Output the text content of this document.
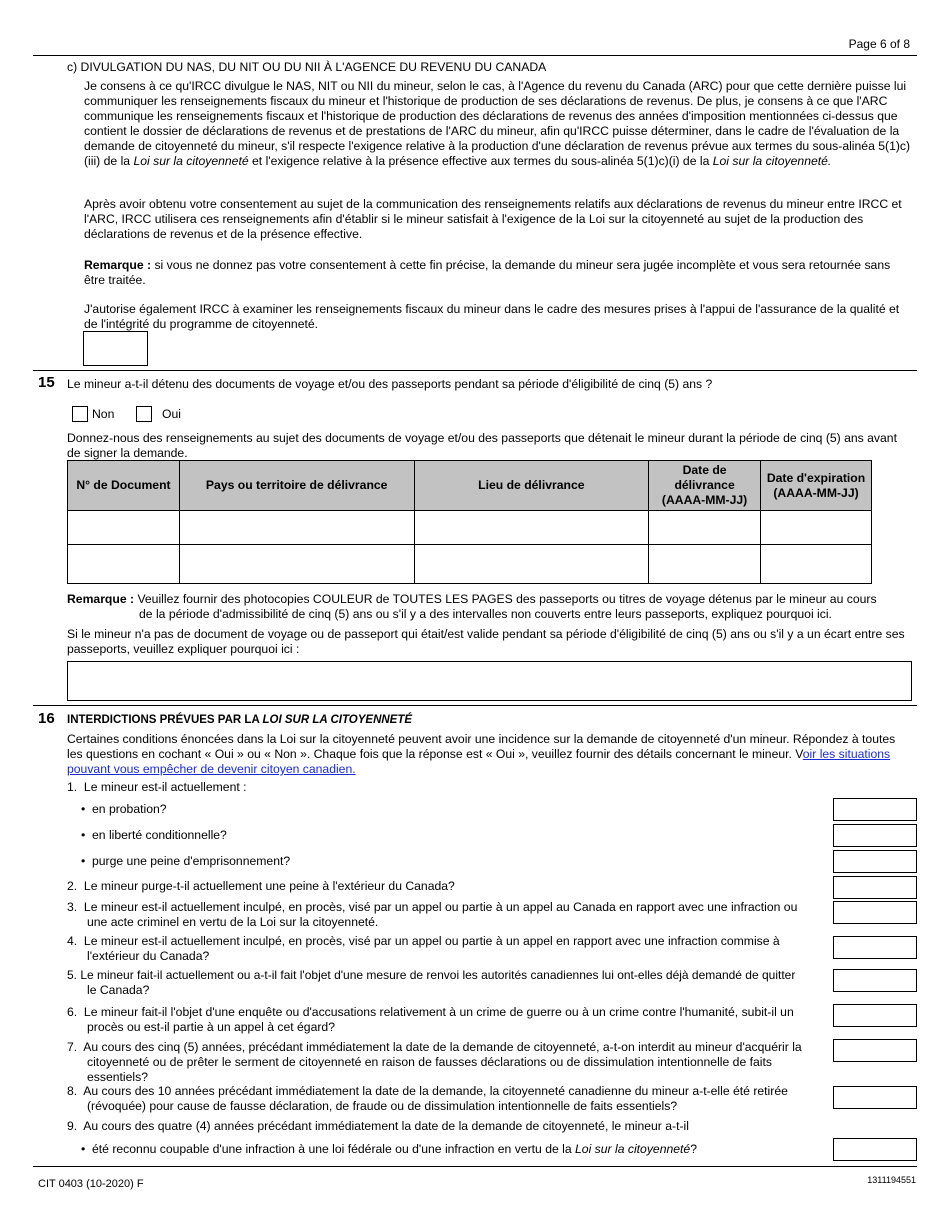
Page 6 of 8
c) DIVULGATION DU NAS, DU NIT OU DU NII À L'AGENCE DU REVENU DU CANADA

Je consens à ce qu'IRCC divulgue le NAS, NIT ou NII du mineur, selon le cas, à l'Agence du revenu du Canada (ARC) pour que cette dernière puisse lui communiquer les renseignements fiscaux du mineur et l'historique de production de ses déclarations de revenus. De plus, je consens à ce que l'ARC communique les renseignements fiscaux et l'historique de production des déclarations de revenus des années d'imposition mentionnées ci-dessus que contient le dossier de déclarations de revenus et de prestations de l'ARC du mineur, afin qu'IRCC puisse déterminer, dans le cadre de l'évaluation de la demande de citoyenneté du mineur, s'il respecte l'exigence relative à la production d'une déclaration de revenus prévue aux termes du sous-alinéa 5(1)c)(iii) de la Loi sur la citoyenneté et l'exigence relative à la présence effective aux termes du sous-alinéa 5(1)c)(i) de la Loi sur la citoyenneté.

Après avoir obtenu votre consentement au sujet de la communication des renseignements relatifs aux déclarations de revenus du mineur entre IRCC et l'ARC, IRCC utilisera ces renseignements afin d'établir si le mineur satisfait à l'exigence de la Loi sur la citoyenneté au sujet de la production des déclarations de revenus et de la présence effective.

Remarque : si vous ne donnez pas votre consentement à cette fin précise, la demande du mineur sera jugée incomplète et vous sera retournée sans être traitée.

J'autorise également IRCC à examiner les renseignements fiscaux du mineur dans le cadre des mesures prises à l'appui de l'assurance de la qualité et de l'intégrité du programme de citoyenneté.

15 Le mineur a-t-il détenu des documents de voyage et/ou des passeports pendant sa période d'éligibilité de cinq (5) ans ?
Non	Oui

Donnez-nous des renseignements au sujet des documents de voyage et/ou des passeports que détenait le mineur durant la période de cinq (5) ans avant de signer la demande.

N° de Document	Pays ou territoire de délivrance	Lieu de délivrance	Date de délivrance (AAAA-MM-JJ)	Date d'expiration (AAAA-MM-JJ)

Remarque : Veuillez fournir des photocopies COULEUR de TOUTES LES PAGES des passeports ou titres de voyage détenus par le mineur au cours
de la période d'admissibilité de cinq (5) ans ou s'il y a des intervalles non couverts entre leurs passeports, expliquez pourquoi ici.

Si le mineur n'a pas de document de voyage ou de passeport qui était/est valide pendant sa période d'éligibilité de cinq (5) ans ou s'il y a un écart entre ses passeports, veuillez expliquer pourquoi ici :

16 INTERDICTIONS PRÉVUES PAR LA LOI SUR LA CITOYENNETÉ

Certaines conditions énoncées dans la Loi sur la citoyenneté peuvent avoir une incidence sur la demande de citoyenneté d'un mineur. Répondez à toutes les questions en cochant « Oui » ou « Non ». Chaque fois que la réponse est « Oui », veuillez fournir des détails concernant le mineur. Voir les situations pouvant vous empêcher de devenir citoyen canadien.

1.  Le mineur est-il actuellement :
• en probation?
• en liberté conditionnelle?
• purge une peine d'emprisonnement?
2.  Le mineur purge-t-il actuellement une peine à l'extérieur du Canada?
3.  Le mineur est-il actuellement inculpé, en procès, visé par un appel ou partie à un appel au Canada en rapport avec une infraction ou
une acte criminel en vertu de la Loi sur la citoyenneté.
4.  Le mineur est-il actuellement inculpé, en procès, visé par un appel ou partie à un appel en rapport avec une infraction commise à
l'extérieur du Canada?
5. Le mineur fait-il actuellement ou a-t-il fait l'objet d'une mesure de renvoi les autorités canadiennes lui ont-elles déjà demandé de quitter
le Canada?
6.  Le mineur fait-il l'objet d'une enquête ou d'accusations relativement à un crime de guerre ou à un crime contre l'humanité, subit-il un
procès ou est-il partie à un appel à cet égard?
7.  Au cours des cinq (5) années, précédant immédiatement la date de la demande de citoyenneté, a-t-on interdit au mineur d'acquérir la
citoyenneté ou de prêter le serment de citoyenneté en raison de fausses déclarations ou de dissimulation intentionnelle de faits
essentiels?
8.  Au cours des 10 années précédant immédiatement la date de la demande, la citoyenneté canadienne du mineur a-t-elle été retirée
(révoquée) pour cause de fausse déclaration, de fraude ou de dissimulation intentionnelle de faits essentiels?
9.  Au cours des quatre (4) années précédant immédiatement la date de la demande de citoyenneté, le mineur a-t-il
• été reconnu coupable d'une infraction à une loi fédérale ou d'une infraction en vertu de la Loi sur la citoyenneté?
CIT 0403 (10-2020) F	1311194551
